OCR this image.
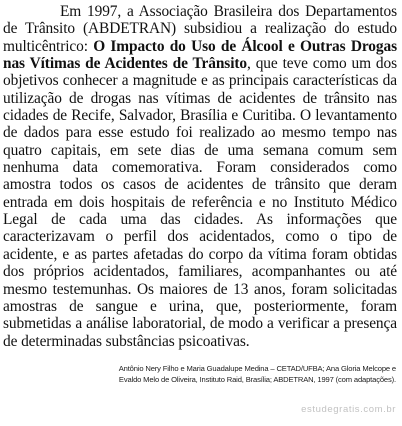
Em 1997, a Associação Brasileira dos Departamentos de Trânsito (ABDETRAN) subsidiou a realização do estudo multicêntrico: O Impacto do Uso de Álcool e Outras Drogas nas Vítimas de Acidentes de Trânsito, que teve como um dos objetivos conhecer a magnitude e as principais características da utilização de drogas nas vítimas de acidentes de trânsito nas cidades de Recife, Salvador, Brasília e Curitiba. O levantamento de dados para esse estudo foi realizado ao mesmo tempo nas quatro capitais, em sete dias de uma semana comum sem nenhuma data comemorativa. Foram considerados como amostra todos os casos de acidentes de trânsito que deram entrada em dois hospitais de referência e no Instituto Médico Legal de cada uma das cidades. As informações que caracterizavam o perfil dos acidentados, como o tipo de acidente, e as partes afetadas do corpo da vítima foram obtidas dos próprios acidentados, familiares, acompanhantes ou até mesmo testemunhas. Os maiores de 13 anos, foram solicitadas amostras de sangue e urina, que, posteriormente, foram submetidas a análise laboratorial, de modo a verificar a presença de determinadas substâncias psicoativas.

Antônio Nery Filho e Maria Guadalupe Medina – CETAD/UFBA; Ana Gloria Melcope e
Evaldo Melo de Oliveira, Instituto Raid, Brasília; ABDETRAN, 1997 (com adaptações).
estudegratis.com.br
